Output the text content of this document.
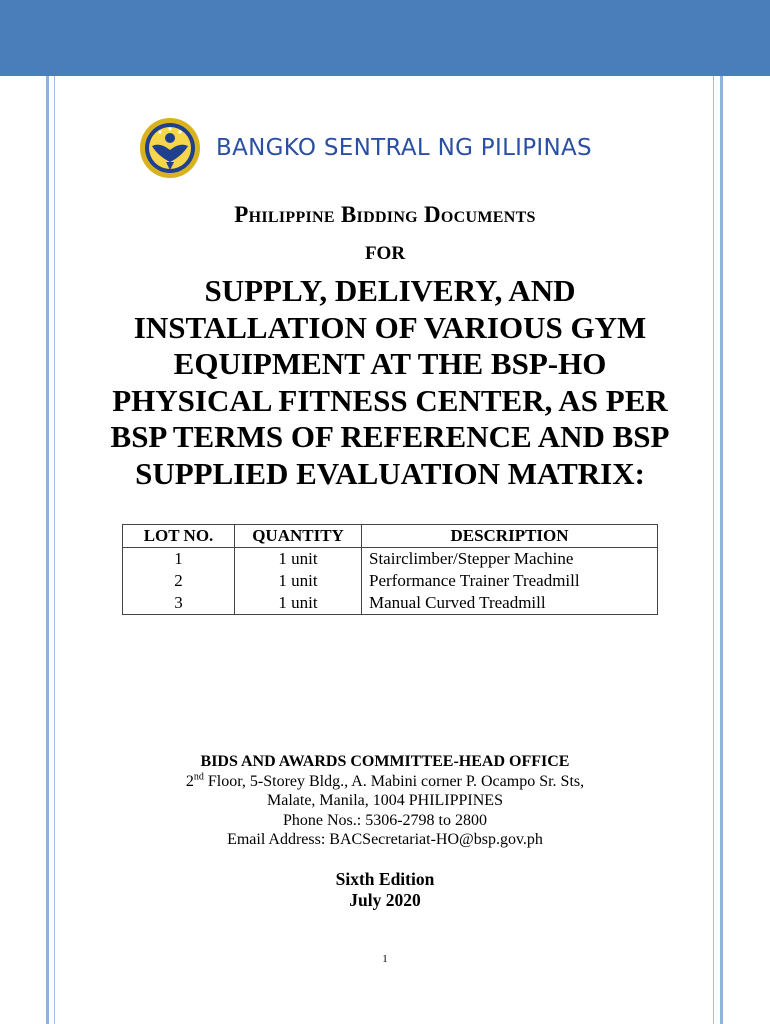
BANGKO SENTRAL NG PILIPINAS
Philippine Bidding Documents
FOR
SUPPLY, DELIVERY, AND INSTALLATION OF VARIOUS GYM EQUIPMENT AT THE BSP-HO PHYSICAL FITNESS CENTER, AS PER BSP TERMS OF REFERENCE AND BSP SUPPLIED EVALUATION MATRIX:
LOT NO.	QUANTITY	DESCRIPTION
1	1 unit	Stairclimber/Stepper Machine
2	1 unit	Performance Trainer Treadmill
3	1 unit	Manual Curved Treadmill
BIDS AND AWARDS COMMITTEE-HEAD OFFICE
2nd Floor, 5-Storey Bldg., A. Mabini corner P. Ocampo Sr. Sts,
Malate, Manila, 1004 PHILIPPINES
Phone Nos.: 5306-2798 to 2800
Email Address: BACSecretariat-HO@bsp.gov.ph
Sixth Edition
July 2020
1
